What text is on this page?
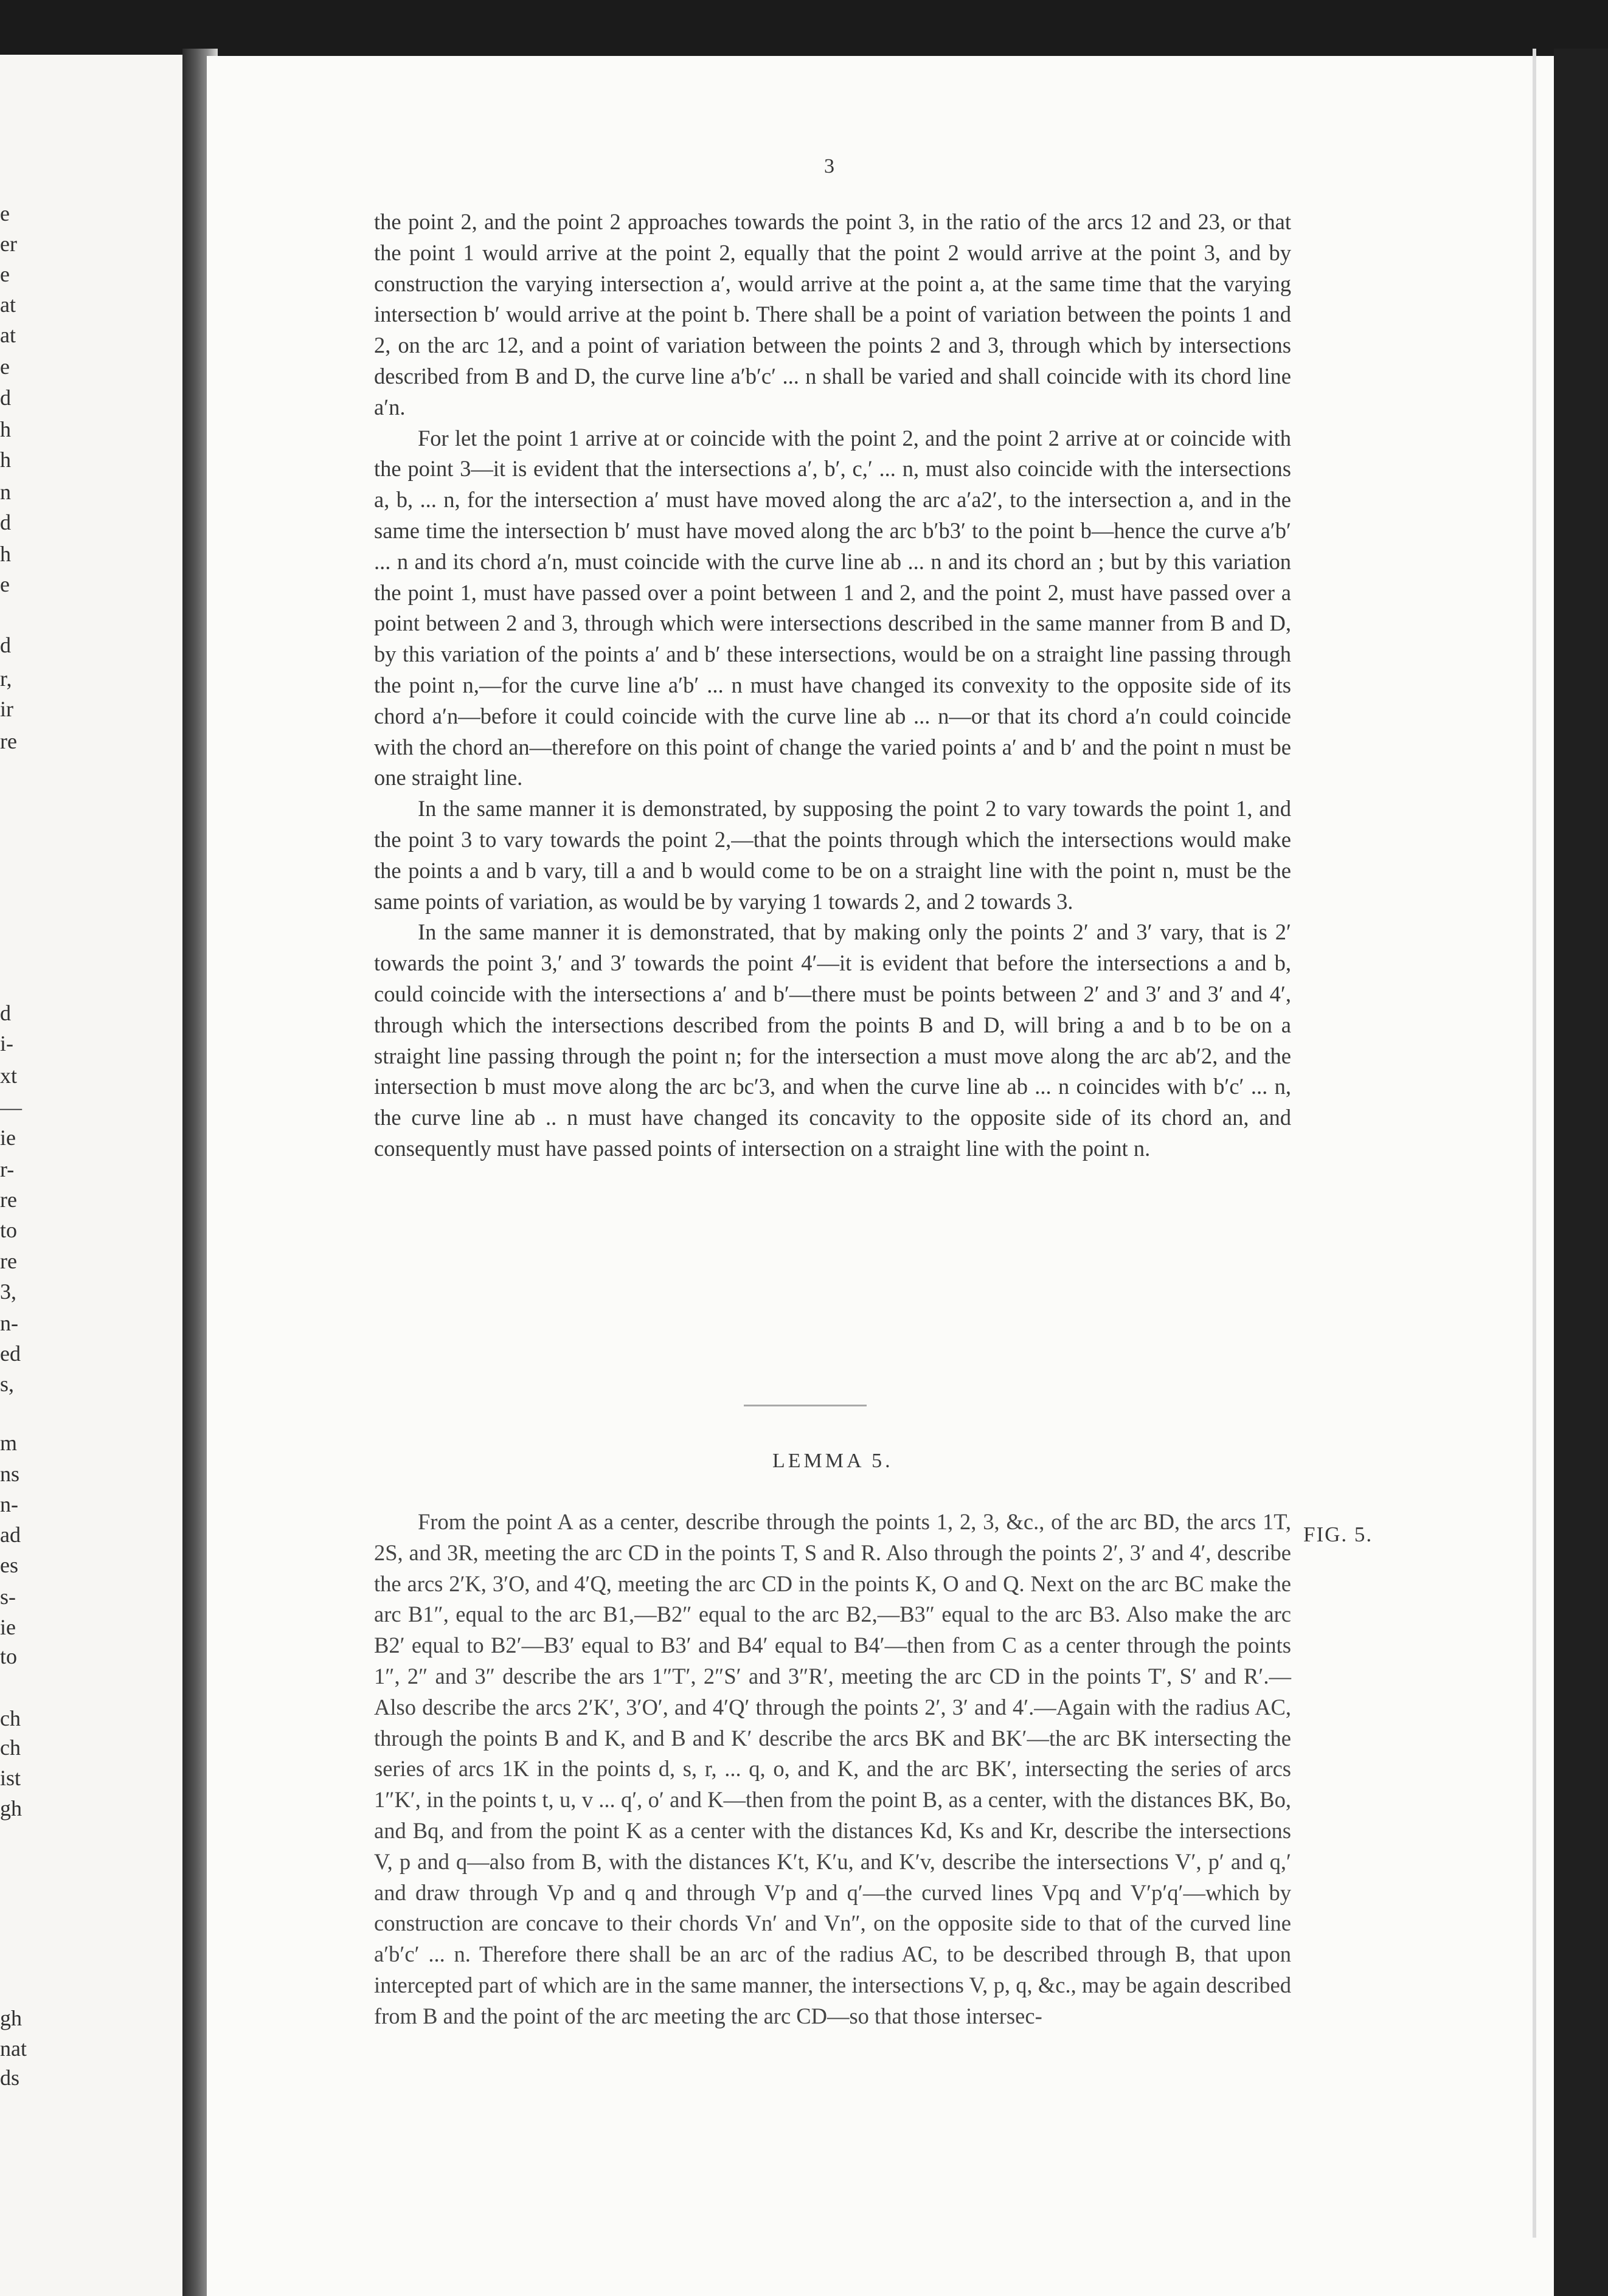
e
er
e
at
at
e
d
h
h
n
d
h
e
d
r,
ir
re
d
i-
xt
—
ie
r-
re
to
re
3,
n-
ed
s,
m
ns
n-
ad
es
s-
ie
to
ch
ch
ist
gh
gh
nat
ds
3

the point 2, and the point 2 approaches towards the point 3, in the ratio of the arcs 12 and 23, or that the point 1 would arrive at the point 2, equally that the point 2 would arrive at the point 3, and by construction the varying intersection a′, would arrive at the point a, at the same time that the varying intersection b′ would arrive at the point b. There shall be a point of variation between the points 1 and 2, on the arc 12, and a point of variation between the points 2 and 3, through which by intersections described from B and D, the curve line a′b′c′ ... n shall be varied and shall coincide with its chord line a′n.

For let the point 1 arrive at or coincide with the point 2, and the point 2 arrive at or coincide with the point 3—it is evident that the intersections a′, b′, c,′ ... n, must also coincide with the intersections a, b, ... n, for the intersection a′ must have moved along the arc a′a2′, to the intersection a, and in the same time the intersection b′ must have moved along the arc b′b3′ to the point b—hence the curve a′b′ ... n and its chord a′n, must coincide with the curve line ab ... n and its chord an ; but by this variation the point 1, must have passed over a point between 1 and 2, and the point 2, must have passed over a point between 2 and 3, through which were intersections described in the same manner from B and D, by this variation of the points a′ and b′ these intersections, would be on a straight line passing through the point n,—for the curve line a′b′ ... n must have changed its convexity to the opposite side of its chord a′n—before it could coincide with the curve line ab ... n—or that its chord a′n could coincide with the chord an—therefore on this point of change the varied points a′ and b′ and the point n must be one straight line.

In the same manner it is demonstrated, by supposing the point 2 to vary towards the point 1, and the point 3 to vary towards the point 2,—that the points through which the intersections would make the points a and b vary, till a and b would come to be on a straight line with the point n, must be the same points of variation, as would be by varying 1 towards 2, and 2 towards 3.

In the same manner it is demonstrated, that by making only the points 2′ and 3′ vary, that is 2′ towards the point 3,′ and 3′ towards the point 4′—it is evident that before the intersections a and b, could coincide with the intersections a′ and b′—there must be points between 2′ and 3′ and 3′ and 4′, through which the intersections described from the points B and D, will bring a and b to be on a straight line passing through the point n; for the intersection a must move along the arc ab′2, and the intersection b must move along the arc bc′3, and when the curve line ab ... n coincides with b′c′ ... n, the curve line ab .. n must have changed its concavity to the opposite side of its chord an, and consequently must have passed points of intersection on a straight line with the point n.

LEMMA 5.
FIG. 5.

From the point A as a center, describe through the points 1, 2, 3, &c., of the arc BD, the arcs 1T, 2S, and 3R, meeting the arc CD in the points T, S and R. Also through the points 2′, 3′ and 4′, describe the arcs 2′K, 3′O, and 4′Q, meeting the arc CD in the points K, O and Q. Next on the arc BC make the arc B1″, equal to the arc B1,—B2″ equal to the arc B2,—B3″ equal to the arc B3. Also make the arc B2′ equal to B2′—B3′ equal to B3′ and B4′ equal to B4′—then from C as a center through the points 1″, 2″ and 3″ describe the ars 1″T′, 2″S′ and 3″R′, meeting the arc CD in the points T′, S′ and R′.—Also describe the arcs 2′K′, 3′O′, and 4′Q′ through the points 2′, 3′ and 4′.—Again with the radius AC, through the points B and K, and B and K′ describe the arcs BK and BK′—the arc BK intersecting the series of arcs 1K in the points d, s, r, ... q, o, and K, and the arc BK′, intersecting the series of arcs 1″K′, in the points t, u, v ... q′, o′ and K—then from the point B, as a center, with the distances BK, Bo, and Bq, and from the point K as a center with the distances Kd, Ks and Kr, describe the intersections V, p and q—also from B, with the distances K′t, K′u, and K′v, describe the intersections V′, p′ and q,′ and draw through Vp and q and through V′p and q′—the curved lines Vpq and V′p′q′—which by construction are concave to their chords Vn′ and Vn″, on the opposite side to that of the curved line a′b′c′ ... n. Therefore there shall be an arc of the radius AC, to be described through B, that upon intercepted part of which are in the same manner, the intersections V, p, q, &c., may be again described from B and the point of the arc meeting the arc CD—so that those intersec-
